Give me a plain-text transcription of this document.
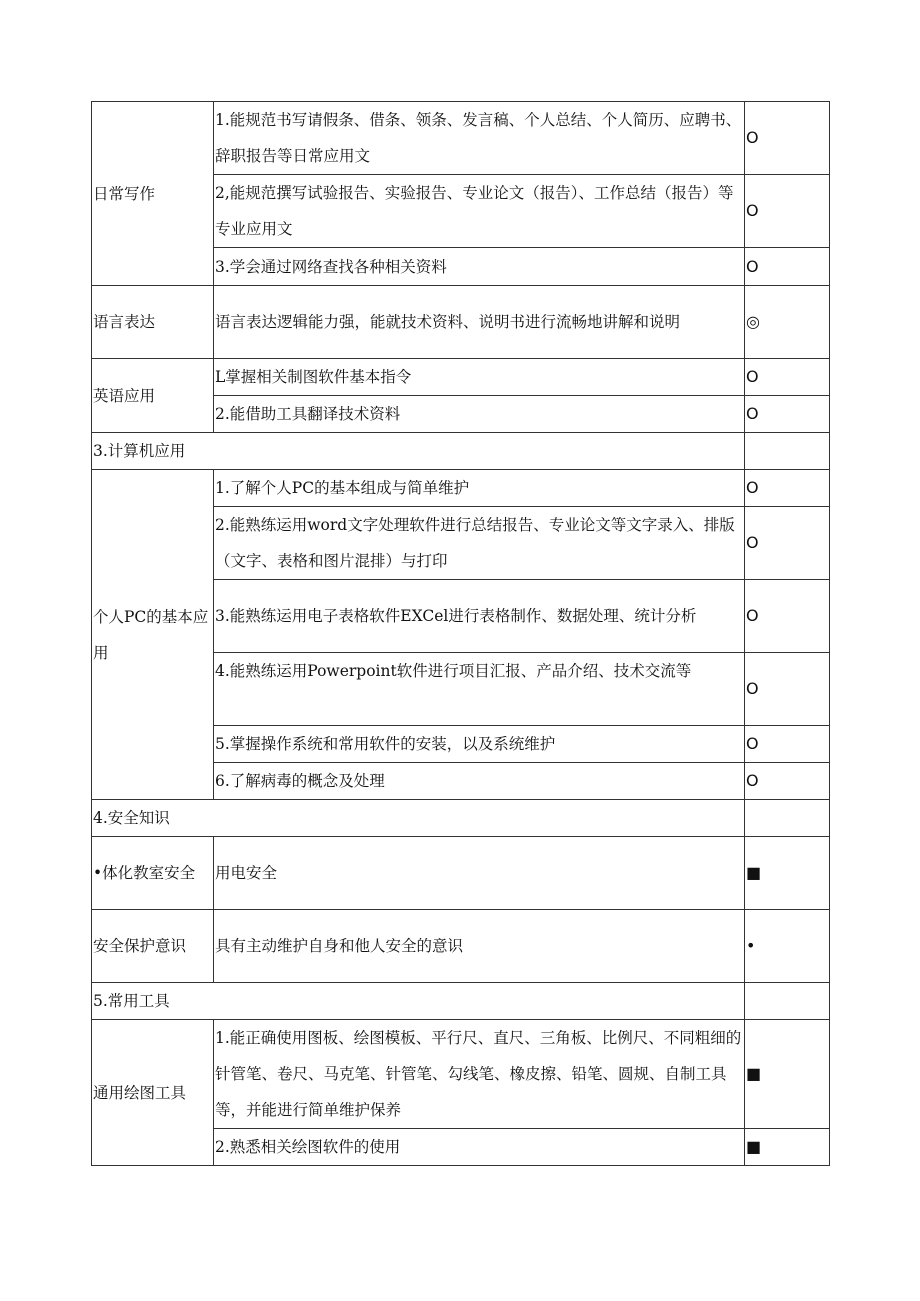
日常写作	1.能规范书写请假条、借条、领条、发言稿、个人总结、个人简历、应聘书、辞职报告等日常应用文	O
	2,能规范撰写试验报告、实验报告、专业论文（报告）、工作总结（报告）等专业应用文	O
	3.学会通过网络查找各种相关资料	O
语言表达	语言表达逻辑能力强，能就技术资料、说明书进行流畅地讲解和说明	◎
英语应用	L掌握相关制图软件基本指令	O
	2.能借助工具翻译技术资料	O
3.计算机应用		
个人PC的基本应用	1.了解个人PC的基本组成与简单维护	O
	2.能熟练运用word文字处理软件进行总结报告、专业论文等文字录入、排版（文字、表格和图片混排）与打印	O
	3.能熟练运用电子表格软件EXCel进行表格制作、数据处理、统计分析	O
	4.能熟练运用Powerpoint软件进行项目汇报、产品介绍、技术交流等	O
	5.掌握操作系统和常用软件的安装，以及系统维护	O
	6.了解病毒的概念及处理	O
4.安全知识		
•体化教室安全	用电安全	■
安全保护意识	具有主动维护自身和他人安全的意识	•
5.常用工具		
通用绘图工具	1.能正确使用图板、绘图模板、平行尺、直尺、三角板、比例尺、不同粗细的针管笔、卷尺、马克笔、针管笔、勾线笔、橡皮擦、铅笔、圆规、自制工具等，并能进行简单维护保养	■
	2.熟悉相关绘图软件的使用	■
